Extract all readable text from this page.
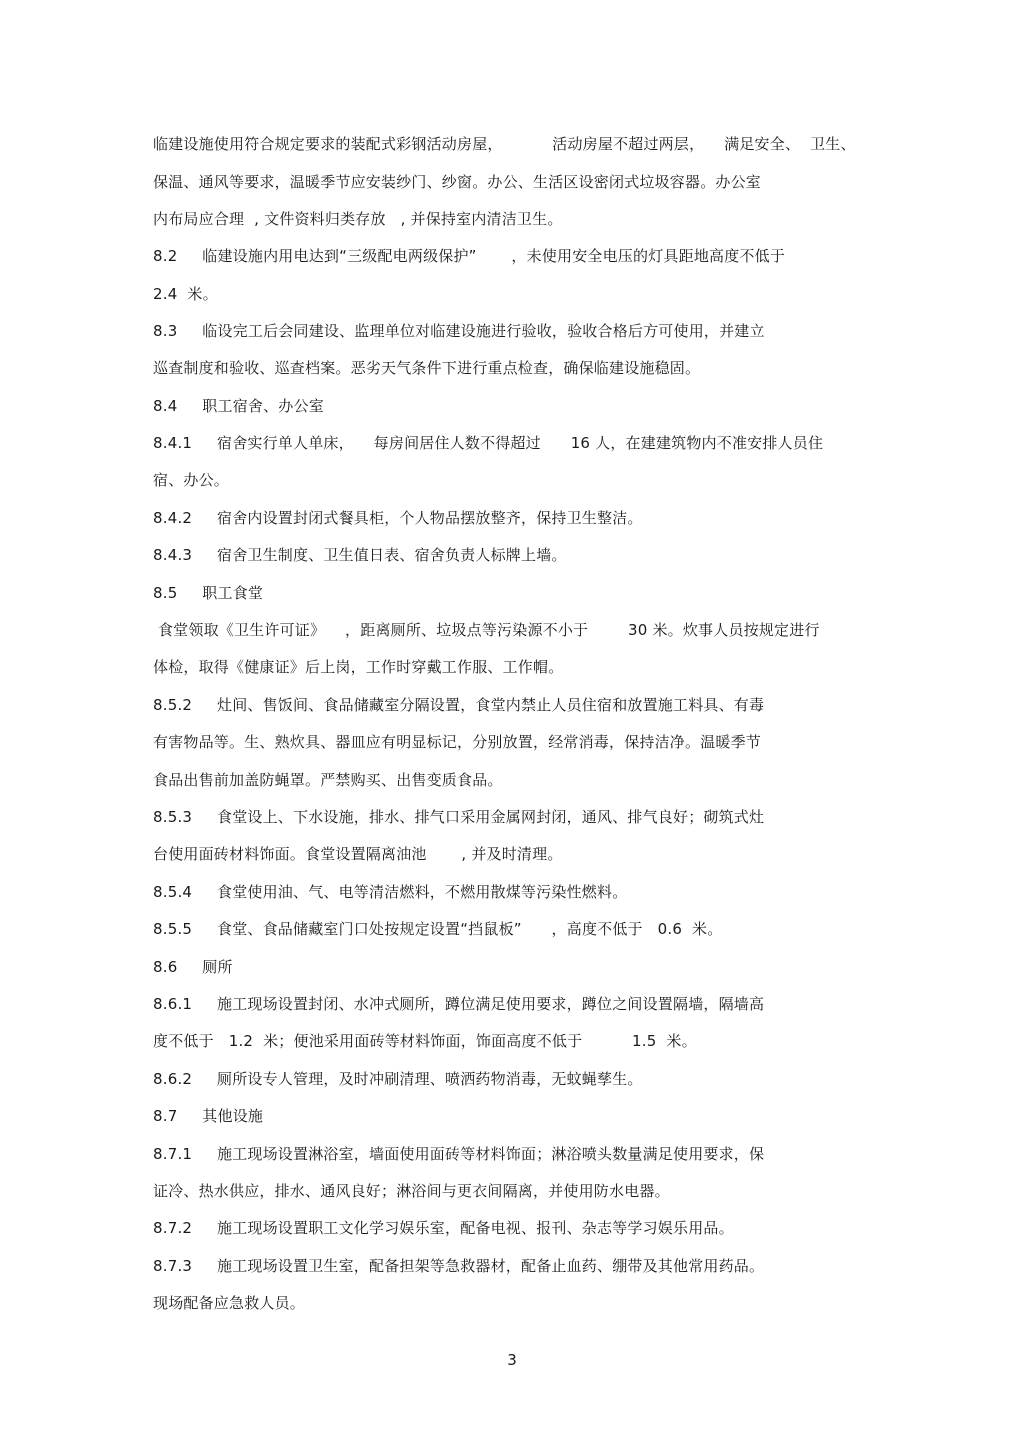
临建设施使用符合规定要求的装配式彩钢活动房屋，          活动房屋不超过两层，    满足安全、  卫生、
保温、通风等要求，温暖季节应安装纱门、纱窗。办公、生活区设密闭式垃圾容器。办公室
内布局应合理  , 文件资料归类存放   , 并保持室内清洁卫生。
8.2     临建设施内用电达到“三级配电两级保护”       ，未使用安全电压的灯具距地高度不低于
2.4  米。
8.3     临设完工后会同建设、监理单位对临建设施进行验收，验收合格后方可使用，并建立
巡查制度和验收、巡查档案。恶劣天气条件下进行重点检查，确保临建设施稳固。
8.4     职工宿舍、办公室
8.4.1     宿舍实行单人单床，    每房间居住人数不得超过      16 人，在建建筑物内不准安排人员住
宿、办公。
8.4.2     宿舍内设置封闭式餐具柜，个人物品摆放整齐，保持卫生整洁。
8.4.3     宿舍卫生制度、卫生值日表、宿舍负责人标牌上墙。
8.5     职工食堂
食堂领取《卫生许可证》    ，距离厕所、垃圾点等污染源不小于        30 米。炊事人员按规定进行
体检，取得《健康证》后上岗，工作时穿戴工作服、工作帽。
8.5.2     灶间、售饭间、食品储藏室分隔设置，食堂内禁止人员住宿和放置施工料具、有毒
有害物品等。生、熟炊具、器皿应有明显标记，分别放置，经常消毒，保持洁净。温暖季节
食品出售前加盖防蝇罩。严禁购买、出售变质食品。
8.5.3     食堂设上、下水设施，排水、排气口采用金属网封闭，通风、排气良好；砌筑式灶
台使用面砖材料饰面。食堂设置隔离油池       , 并及时清理。
8.5.4     食堂使用油、气、电等清洁燃料，不燃用散煤等污染性燃料。
8.5.5     食堂、食品储藏室门口处按规定设置“挡鼠板”      ，高度不低于   0.6  米。
8.6     厕所
8.6.1     施工现场设置封闭、水冲式厕所，蹲位满足使用要求，蹲位之间设置隔墙，隔墙高
度不低于   1.2  米；便池采用面砖等材料饰面，饰面高度不低于          1.5  米。
8.6.2     厕所设专人管理，及时冲刷清理、喷洒药物消毒，无蚊蝇孳生。
8.7     其他设施
8.7.1     施工现场设置淋浴室，墙面使用面砖等材料饰面；淋浴喷头数量满足使用要求，保
证冷、热水供应，排水、通风良好；淋浴间与更衣间隔离，并使用防水电器。
8.7.2     施工现场设置职工文化学习娱乐室，配备电视、报刊、杂志等学习娱乐用品。
8.7.3     施工现场设置卫生室，配备担架等急救器材，配备止血药、绷带及其他常用药品。
现场配备应急救人员。
3
